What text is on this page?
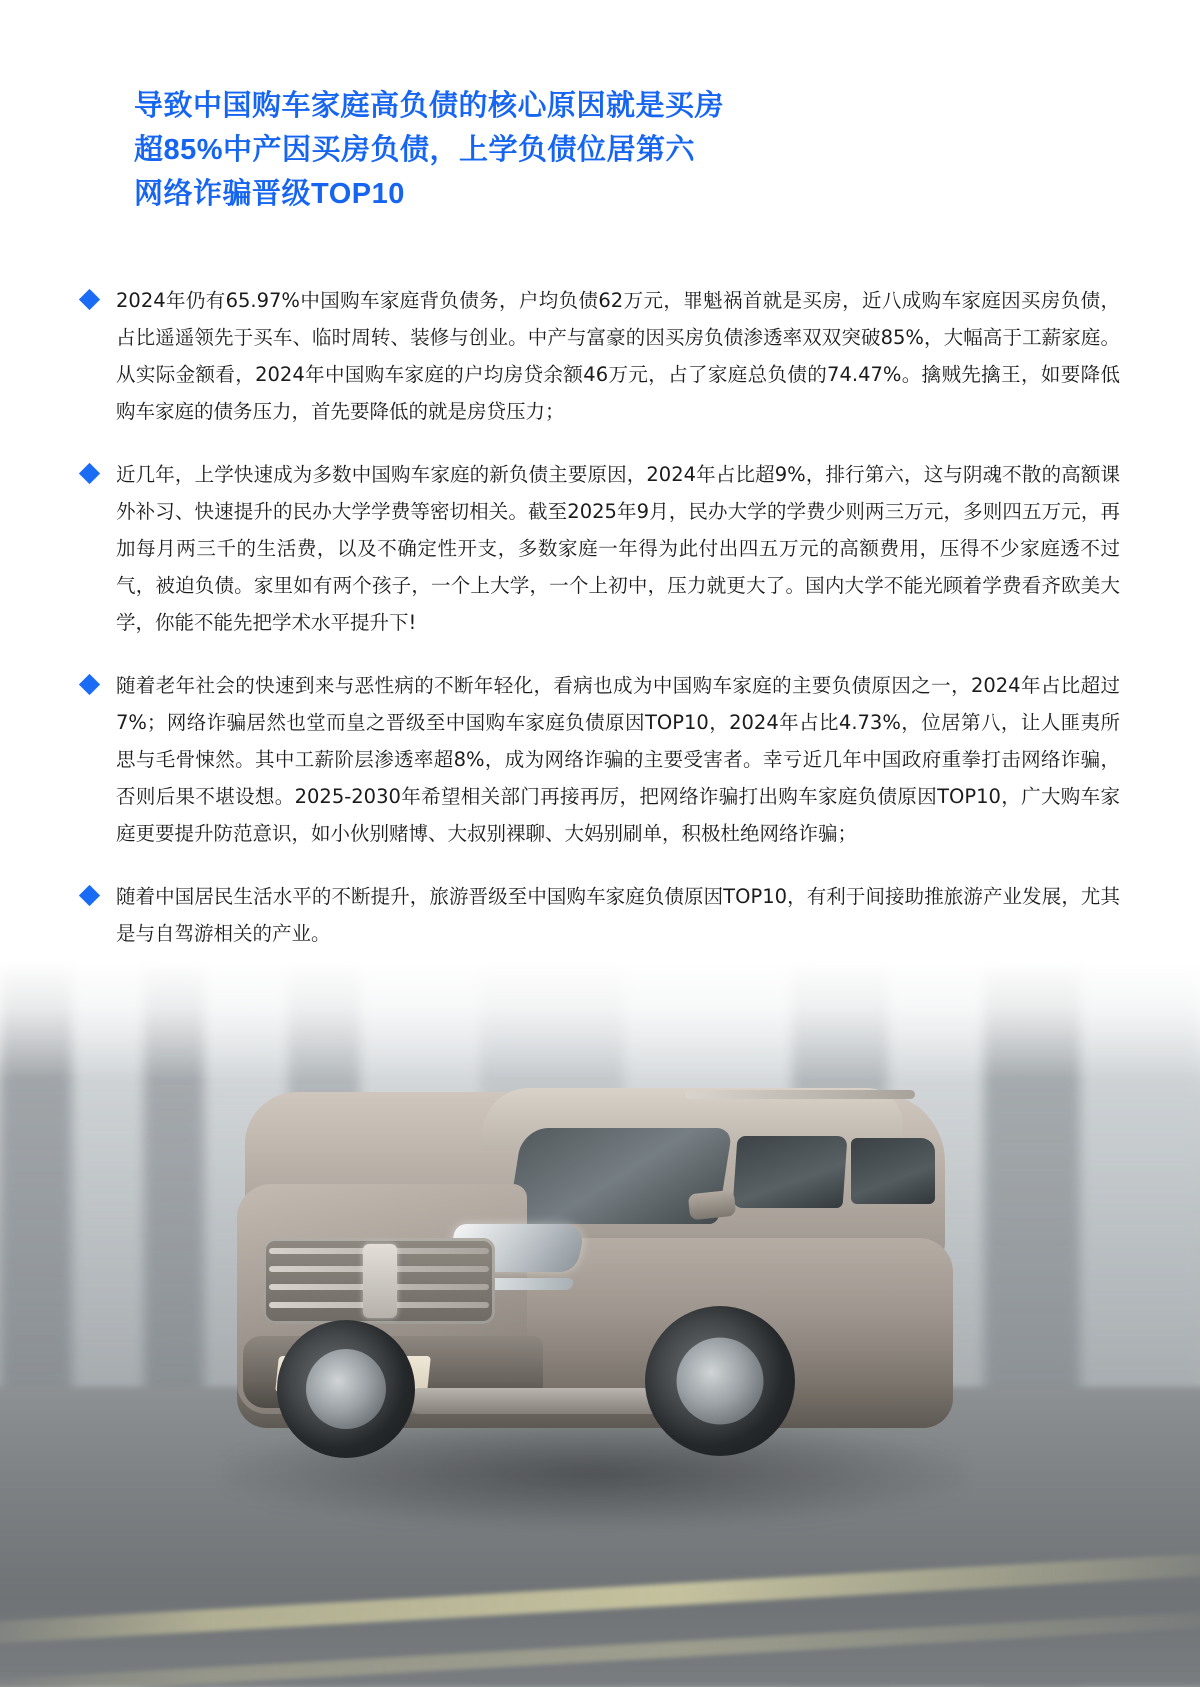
导致中国购车家庭高负债的核心原因就是买房
超85%中产因买房负债，上学负债位居第六
网络诈骗晋级TOP10
2024年仍有65.97%中国购车家庭背负债务，户均负债62万元，罪魁祸首就是买房，近八成购车家庭因买房负债，占比遥遥领先于买车、临时周转、装修与创业。中产与富豪的因买房负债渗透率双双突破85%，大幅高于工薪家庭。从实际金额看，2024年中国购车家庭的户均房贷余额46万元，占了家庭总负债的74.47%。擒贼先擒王，如要降低购车家庭的债务压力，首先要降低的就是房贷压力；
近几年，上学快速成为多数中国购车家庭的新负债主要原因，2024年占比超9%，排行第六，这与阴魂不散的高额课外补习、快速提升的民办大学学费等密切相关。截至2025年9月，民办大学的学费少则两三万元，多则四五万元，再加每月两三千的生活费，以及不确定性开支，多数家庭一年得为此付出四五万元的高额费用，压得不少家庭透不过气，被迫负债。家里如有两个孩子，一个上大学，一个上初中，压力就更大了。国内大学不能光顾着学费看齐欧美大学，你能不能先把学术水平提升下!
随着老年社会的快速到来与恶性病的不断年轻化，看病也成为中国购车家庭的主要负债原因之一，2024年占比超过7%；网络诈骗居然也堂而皇之晋级至中国购车家庭负债原因TOP10，2024年占比4.73%，位居第八，让人匪夷所思与毛骨悚然。其中工薪阶层渗透率超8%，成为网络诈骗的主要受害者。幸亏近几年中国政府重拳打击网络诈骗，否则后果不堪设想。2025-2030年希望相关部门再接再厉，把网络诈骗打出购车家庭负债原因TOP10，广大购车家庭更要提升防范意识，如小伙别赌博、大叔别裸聊、大妈别刷单，积极杜绝网络诈骗；
随着中国居民生活水平的不断提升，旅游晋级至中国购车家庭负债原因TOP10，有利于间接助推旅游产业发展，尤其是与自驾游相关的产业。
